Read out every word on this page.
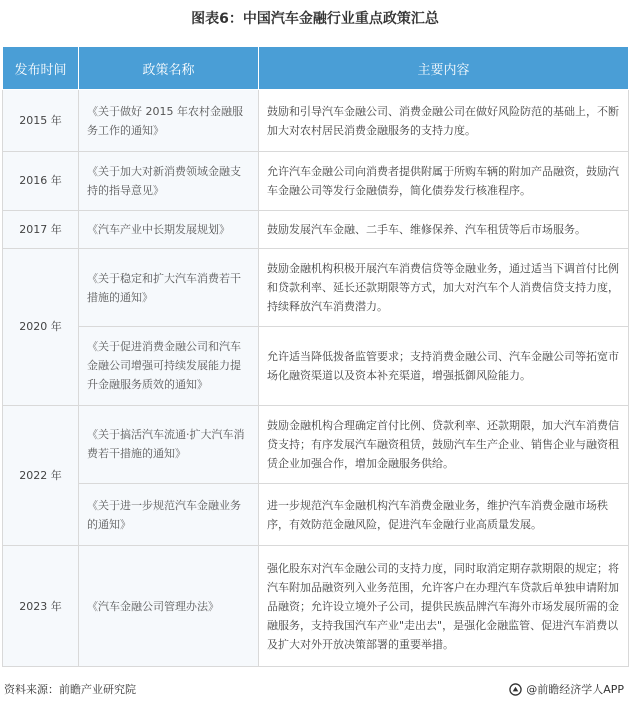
图表6：中国汽车金融行业重点政策汇总
发布时间	政策名称	主要内容
2015 年	《关于做好 2015 年农村金融服务工作的通知》	鼓励和引导汽车金融公司、消费金融公司在做好风险防范的基础上，不断加大对农村居民消费金融服务的支持力度。
2016 年	《关于加大对新消费领域金融支持的指导意见》	允许汽车金融公司向消费者提供附属于所购车辆的附加产品融资，鼓励汽车金融公司等发行金融债券，简化债券发行核准程序。
2017 年	《汽车产业中长期发展规划》	鼓励发展汽车金融、二手车、维修保养、汽车租赁等后市场服务。
2020 年	《关于稳定和扩大汽车消费若干措施的通知》	鼓励金融机构积极开展汽车消费信贷等金融业务，通过适当下调首付比例和贷款利率、延长还款期限等方式，加大对汽车个人消费信贷支持力度，持续释放汽车消费潜力。
	《关于促进消费金融公司和汽车金融公司增强可持续发展能力提升金融服务质效的通知》	允许适当降低拨备监管要求；支持消费金融公司、汽车金融公司等拓宽市场化融资渠道以及资本补充渠道，增强抵御风险能力。
2022 年	《关于搞活汽车流通·扩大汽车消费若干措施的通知》	鼓励金融机构合理确定首付比例、贷款利率、还款期限，加大汽车消费信贷支持；有序发展汽车融资租赁，鼓励汽车生产企业、销售企业与融资租赁企业加强合作，增加金融服务供给。
	《关于进一步规范汽车金融业务的通知》	进一步规范汽车金融机构汽车消费金融业务，维护汽车消费金融市场秩序，有效防范金融风险，促进汽车金融行业高质量发展。
2023 年	《汽车金融公司管理办法》	强化股东对汽车金融公司的支持力度，同时取消定期存款期限的规定；将汽车附加品融资列入业务范围，允许客户在办理汽车贷款后单独申请附加品融资；允许设立境外子公司，提供民族品牌汽车海外市场发展所需的金融服务，支持我国汽车产业"走出去"，是强化金融监管、促进汽车消费以及扩大对外开放决策部署的重要举措。
资料来源：前瞻产业研究院	@前瞻经济学人APP
